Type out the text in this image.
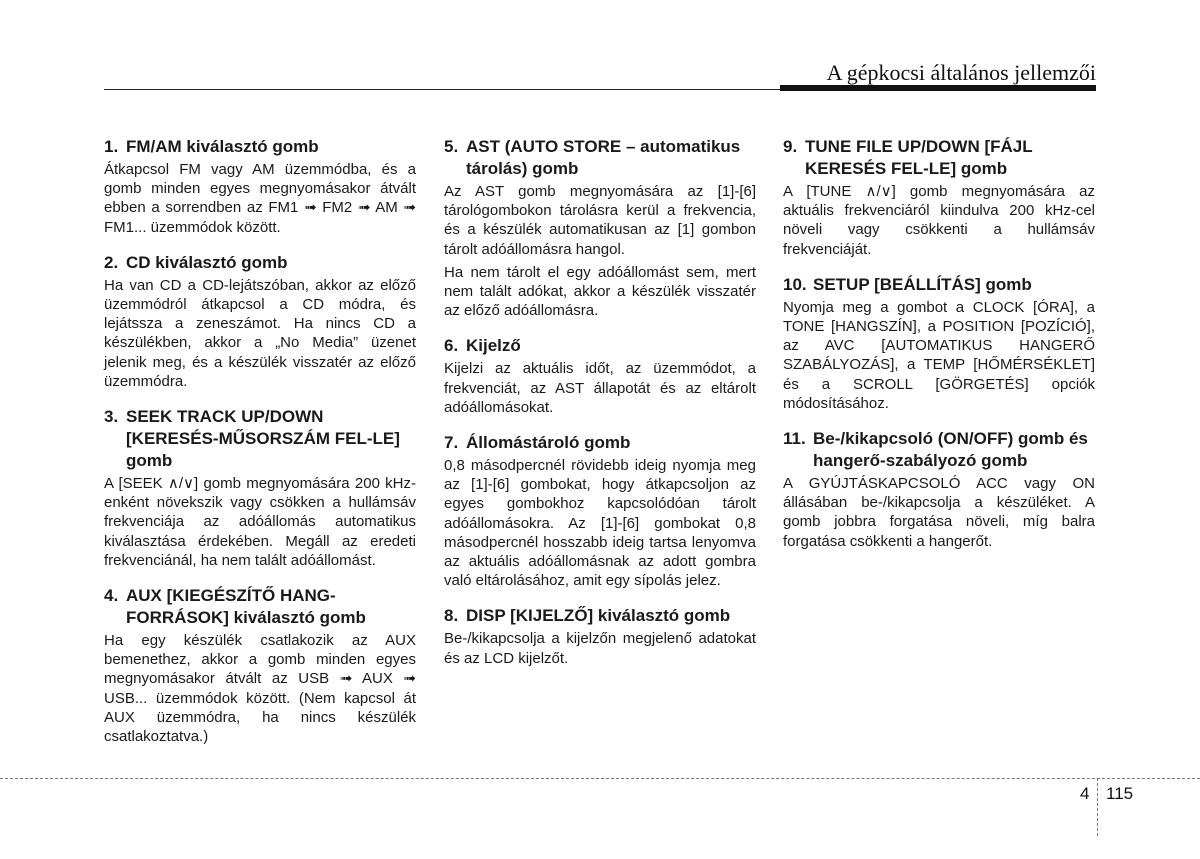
A gépkocsi általános jellemzői
1. FM/AM kiválasztó gomb

Átkapcsol FM vagy AM üzemmódba, és a gomb minden egyes megnyomásakor átvált ebben a sorrendben az FM1 ➟ FM2 ➟ AM ➟ FM1... üzemmódok között.

2. CD kiválasztó gomb

Ha van CD a CD-lejátszóban, akkor az előző üzemmódról átkapcsol a CD módra, és lejátssza a zeneszámot. Ha nincs CD a készülékben, akkor a „No Media” üzenet jelenik meg, és a készülék visszatér az előző üzemmódra.

3. SEEK TRACK UP/DOWN [KERESÉS-MŰSORSZÁM FEL-LE] gomb

A [SEEK ∧/∨] gomb megnyomására 200 kHz-enként növekszik vagy csökken a hullámsáv frekvenciája az adóállomás automatikus kiválasztása érdekében. Megáll az eredeti frekvenciánál, ha nem talált adóállomást.

4. AUX [KIEGÉSZÍTŐ HANG-FORRÁSOK] kiválasztó gomb

Ha egy készülék csatlakozik az AUX bemenethez, akkor a gomb minden egyes megnyomásakor átvált az USB ➟ AUX ➟ USB... üzemmódok között. (Nem kapcsol át AUX üzemmódra, ha nincs készülék csatlakoztatva.)

5. AST (AUTO STORE – automatikus tárolás) gomb

Az AST gomb megnyomására az [1]-[6] tárológombokon tárolásra kerül a frekvencia, és a készülék automatikusan az [1] gombon tárolt adóállomásra hangol.

Ha nem tárolt el egy adóállomást sem, mert nem talált adókat, akkor a készülék visszatér az előző adóállomásra.

6. Kijelző

Kijelzi az aktuális időt, az üzemmódot, a frekvenciát, az AST állapotát és az eltárolt adóállomásokat.

7. Állomástároló gomb

0,8 másodpercnél rövidebb ideig nyomja meg az [1]-[6] gombokat, hogy átkapcsoljon az egyes gombokhoz kapcsolódóan tárolt adóállomásokra. Az [1]-[6] gombokat 0,8 másodpercnél hosszabb ideig tartsa lenyomva az aktuális adóállomásnak az adott gombra való eltárolásához, amit egy sípolás jelez.

8. DISP [KIJELZŐ] kiválasztó gomb

Be-/kikapcsolja a kijelzőn megjelenő adatokat és az LCD kijelzőt.

9. TUNE FILE UP/DOWN [FÁJL KERESÉS FEL-LE] gomb

A [TUNE ∧/∨] gomb megnyomására az aktuális frekvenciáról kiindulva 200 kHz-cel növeli vagy csökkenti a hullámsáv frekvenciáját.

10. SETUP [BEÁLLÍTÁS] gomb

Nyomja meg a gombot a CLOCK [ÓRA], a TONE [HANGSZÍN], a POSITION [POZÍCIÓ], az AVC [AUTOMATIKUS HANGERŐ SZABÁLYOZÁS], a TEMP [HŐMÉRSÉKLET] és a SCROLL [GÖRGETÉS] opciók módosításához.

11. Be-/kikapcsoló (ON/OFF) gomb és hangerő-szabályozó gomb

A GYÚJTÁSKAPCSOLÓ ACC vagy ON állásában be-/kikapcsolja a készüléket. A gomb jobbra forgatása növeli, míg balra forgatása csökkenti a hangerőt.

4 115
